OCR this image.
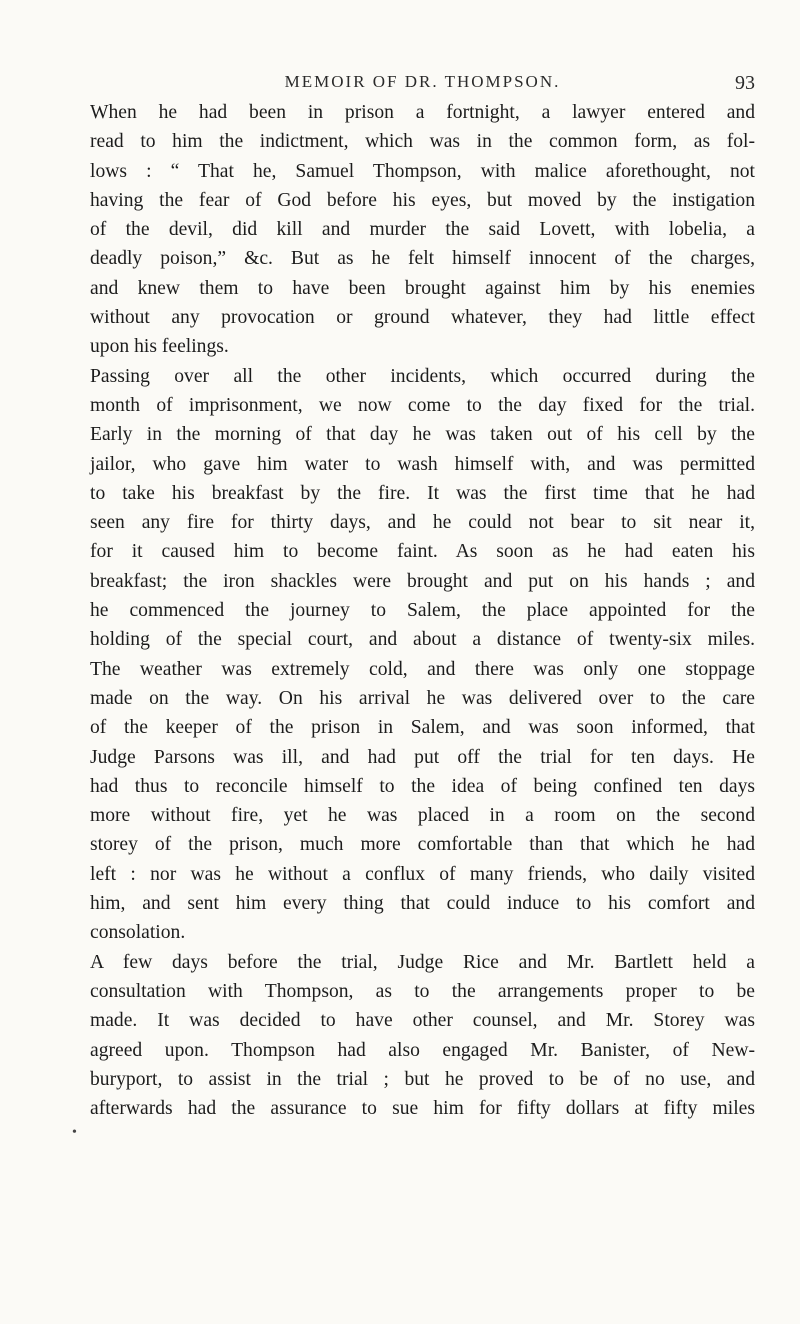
MEMOIR OF DR. THOMPSON.	93
•
When he had been in prison a fortnight, a lawyer entered and
read to him the indictment, which was in the common form, as fol-
lows : “ That he, Samuel Thompson, with malice aforethought, not
having the fear of God before his eyes, but moved by the instigation
of the devil, did kill and murder the said Lovett, with lobelia, a
deadly poison,” &c. But as he felt himself innocent of the charges,
and knew them to have been brought against him by his enemies
without any provocation or ground whatever, they had little effect
upon his feelings.
Passing over all the other incidents, which occurred during the
month of imprisonment, we now come to the day fixed for the trial.
Early in the morning of that day he was taken out of his cell by the
jailor, who gave him water to wash himself with, and was permitted
to take his breakfast by the fire. It was the first time that he had
seen any fire for thirty days, and he could not bear to sit near it,
for it caused him to become faint. As soon as he had eaten his
breakfast; the iron shackles were brought and put on his hands ; and
he commenced the journey to Salem, the place appointed for the
holding of the special court, and about a distance of twenty-six miles.
The weather was extremely cold, and there was only one stoppage
made on the way. On his arrival he was delivered over to the care
of the keeper of the prison in Salem, and was soon informed, that
Judge Parsons was ill, and had put off the trial for ten days. He
had thus to reconcile himself to the idea of being confined ten days
more without fire, yet he was placed in a room on the second
storey of the prison, much more comfortable than that which he had
left : nor was he without a conflux of many friends, who daily visited
him, and sent him every thing that could induce to his comfort and
consolation.
A few days before the trial, Judge Rice and Mr. Bartlett held a
consultation with Thompson, as to the arrangements proper to be
made. It was decided to have other counsel, and Mr. Storey was
agreed upon. Thompson had also engaged Mr. Banister, of New-
buryport, to assist in the trial ; but he proved to be of no use, and
afterwards had the assurance to sue him for fifty dollars at fifty miles
